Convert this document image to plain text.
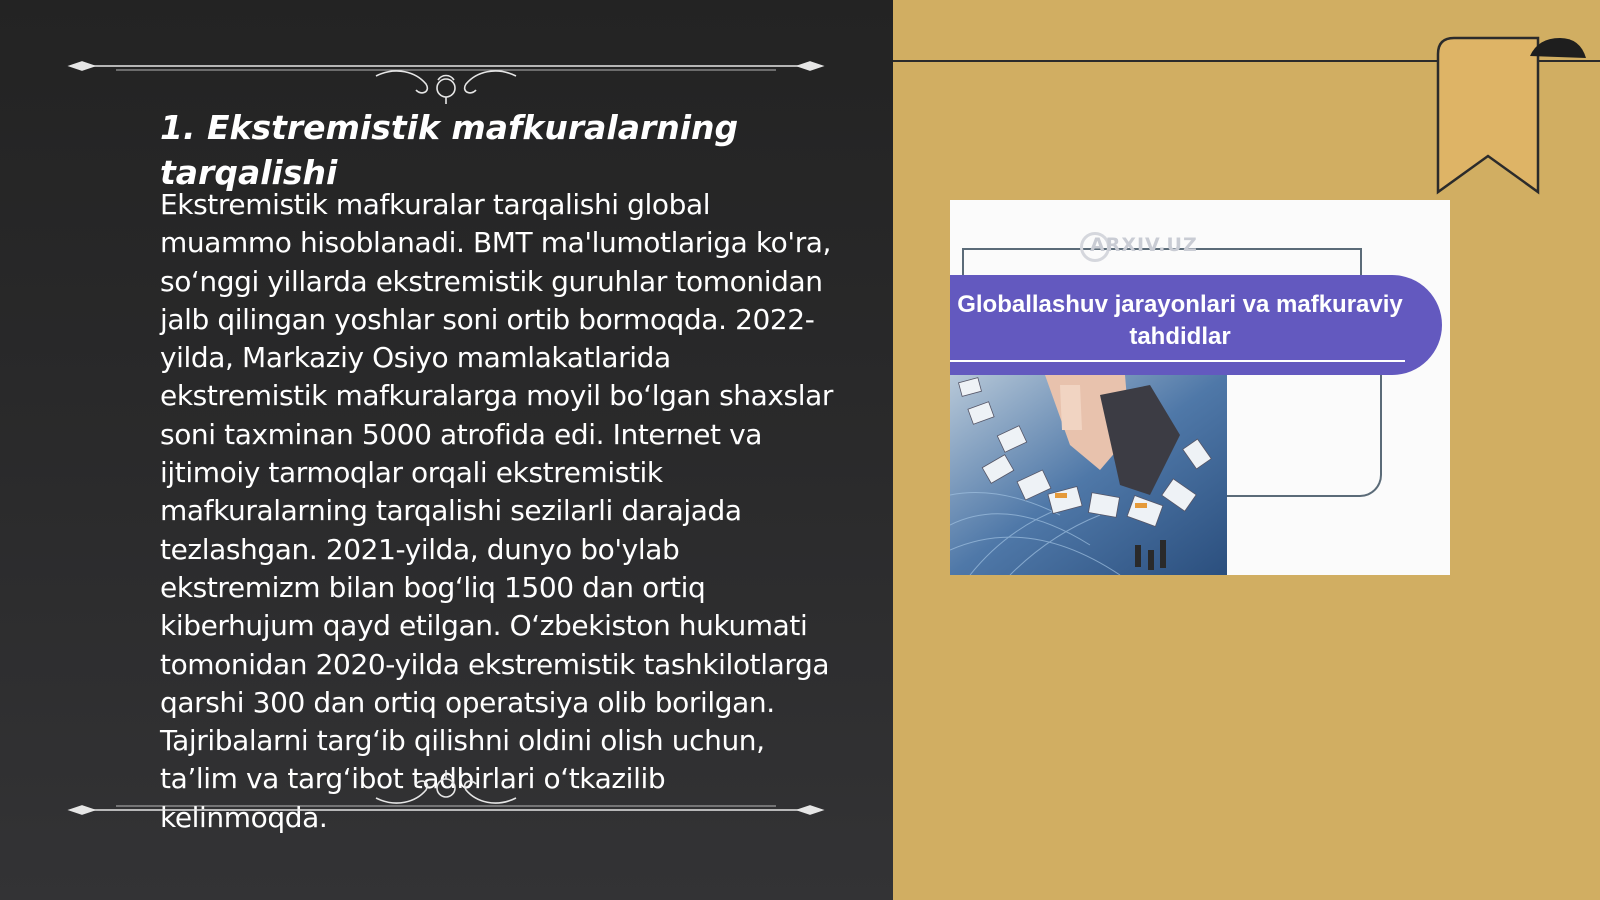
1. Ekstremistik mafkuralarning tarqalishi

Ekstremistik mafkuralar tarqalishi global muammo hisoblanadi. BMT ma'lumotlariga ko'ra, so‘nggi yillarda ekstremistik guruhlar tomonidan jalb qilingan yoshlar soni ortib bormoqda. 2022-yilda, Markaziy Osiyo mamlakatlarida ekstremistik mafkuralarga moyil bo‘lgan shaxslar soni taxminan 5000 atrofida edi. Internet va ijtimoiy tarmoqlar orqali ekstremistik mafkuralarning tarqalishi sezilarli darajada tezlashgan. 2021-yilda, dunyo bo'ylab ekstremizm bilan bog‘liq 1500 dan ortiq kiberhujum qayd etilgan. O‘zbekiston hukumati tomonidan 2020-yilda ekstremistik tashkilotlarga qarshi 300 dan ortiq operatsiya olib borilgan. Tajribalarni targ‘ib qilishni oldini olish uchun, ta’lim va targ‘ibot tadbirlari o‘tkazilib kelinmoqda.

ARXIV.UZ

Globallashuv jarayonlari va mafkuraviy tahdidlar
